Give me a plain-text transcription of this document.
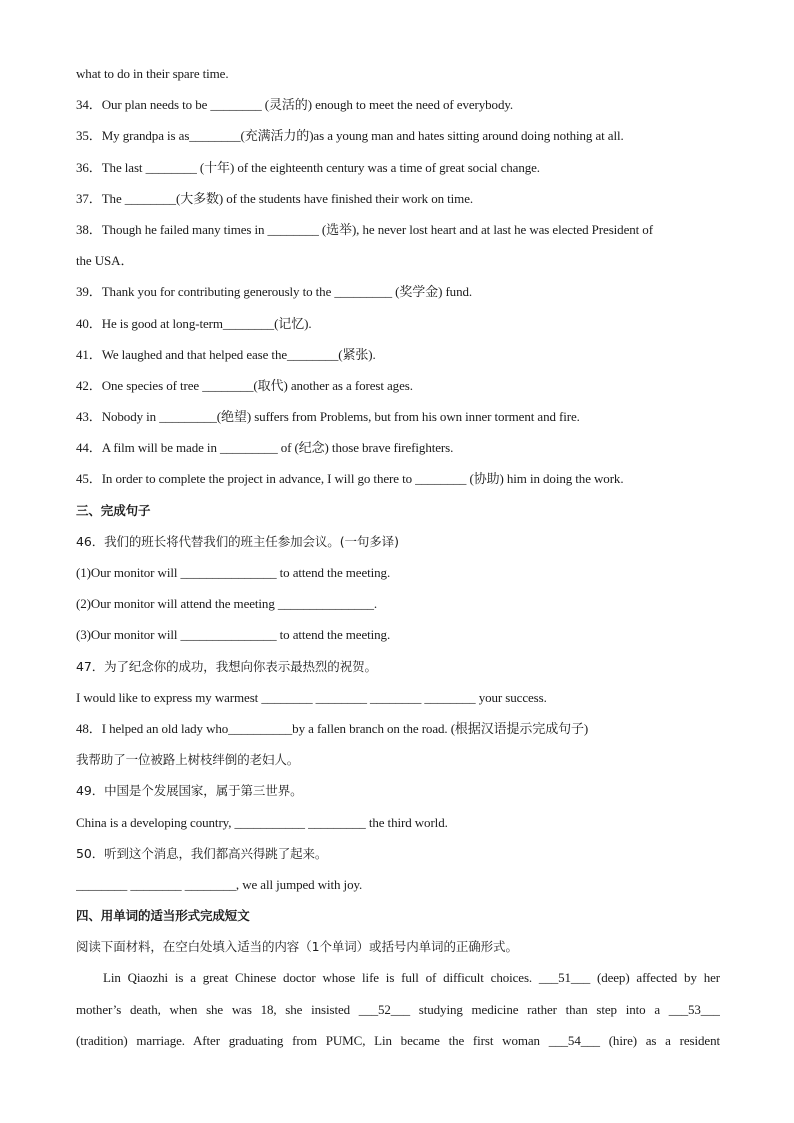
what to do in their spare time.
34．Our plan needs to be ________ (灵活的) enough to meet the need of everybody.
35．My grandpa is as________(充满活力的)as a young man and hates sitting around doing nothing at all.
36．The last ________ (十年) of the eighteenth century was a time of great social change.
37．The ________(大多数) of the students have finished their work on time.
38．Though he failed many times in ________ (选举), he never lost heart and at last he was elected President of
the USA．
39．Thank you for contributing generously to the _________ (奖学金) fund.
40．He is good at long-term________(记忆).
41．We laughed and that helped ease the________(紧张).
42．One species of tree ________(取代) another as a forest ages.
43．Nobody in _________(绝望) suffers from Problems, but from his own inner torment and fire.
44．A film will be made in _________ of (纪念) those brave firefighters.
45．In order to complete the project in advance, I will go there to ________ (协助) him in doing the work.
三、完成句子
46．我们的班长将代替我们的班主任参加会议。(一句多译)
(1)Our monitor will _______________ to attend the meeting.
(2)Our monitor will attend the meeting _______________.
(3)Our monitor will _______________ to attend the meeting.
47．为了纪念你的成功，我想向你表示最热烈的祝贺。
I would like to express my warmest ________ ________ ________ ________ your success.
48．I helped an old lady who__________by a fallen branch on the road. (根据汉语提示完成句子)
我帮助了一位被路上树枝绊倒的老妇人。
49．中国是个发展国家，属于第三世界。
China is a developing country, ___________ _________ the third world.
50．听到这个消息，我们都高兴得跳了起来。
________ ________ ________, we all jumped with joy.
四、用单词的适当形式完成短文
阅读下面材料，在空白处填入适当的内容（1个单词）或括号内单词的正确形式。
Lin Qiaozhi is a great Chinese doctor whose life is full of difficult choices. ___51___ (deep) affected by her
mother’s death, when she was 18, she insisted ___52___ studying medicine rather than step into a ___53___
(tradition) marriage. After graduating from PUMC, Lin became the first woman ___54___ (hire) as a resident
